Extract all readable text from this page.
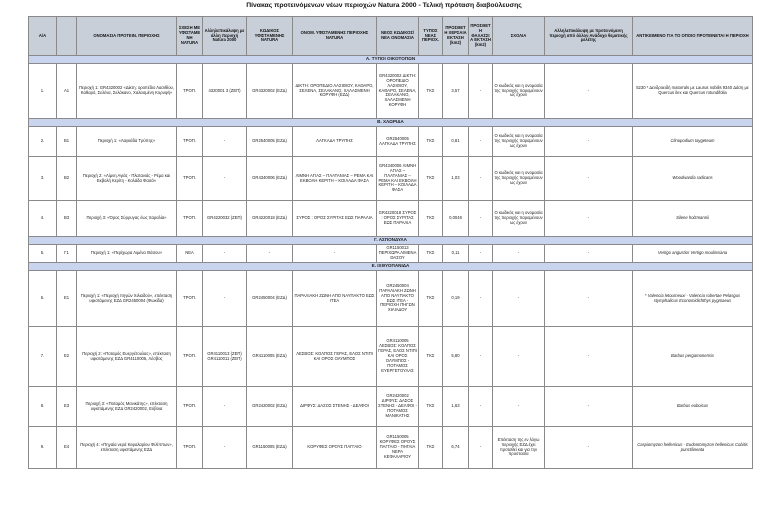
Πίνακας προτεινόμενων νέων περιοχών Natura 2000 - Τελική πρόταση διαβούλευσης
Α/Α		ΟΝΟΜΑΣΙΑ ΠΡΟΤΕΙΝ. ΠΕΡΙΟΧΗΣ	ΣΧΕΣΗ ΜΕ ΥΦΙΣΤΑΜΕΝΗ NATURA	Αλληλεπικάλυψη με άλλη περιοχή Natura 2000	ΚΩΔΙΚΟΣ ΥΦΙΣΤΑΜΕΝΗΣ NATURA	ΟΝΟΜ. ΥΦΙΣΤΑΜΕΝΗΣ ΠΕΡΙΟΧΗΣ NATURA	ΝΕΟΣ ΚΩΔΙΚΟΣ/ ΝΕΑ ΟΝΟΜΑΣΙΑ	ΤΥΠΟΣ ΝΕΑΣ ΠΕΡΙΟΧ.	ΠΡΟΣΘΕΤΗ ΧΕΡΣΑΙΑ ΕΚΤΑΣΗ (km2)	ΠΡΟΣΘΕΤΗ ΘΑΛΑΣΣΙΑ ΕΚΤΑΣΗ (km2)	ΣΧΟΛΙΑ	Αλληλεπικάλυψη με προτεινόμενη περιοχή από άλλον Ανάδοχο θεματικής μελέτης	ΑΝΤΙΚΕΙΜΕΝΟ ΓΙΑ ΤΟ ΟΠΟΙΟ ΠΡΟΤΕΙΝΕΤΑΙ Η ΠΕΡΙΟΧΗ
Α. ΤΥΠΟΙ ΟΙΚΟΤΟΠΩΝ													
1.	Α1	Περιοχή 1: GR4320002 «Δίκτη: οροπέδιο Λασιθίου, Καθαρό, Σελένα, Σελάκανο, Χαλασμένη Κορυφή»	ΤΡΟΠ.	4320001 3 (ΖΕΠ)	GR4320002 (ΕΖΔ)	ΔΙΚΤΗ: ΟΡΟΠΕΔΙΟ ΛΑΣΙΘΙΟΥ, ΚΑΘΑΡΟ, ΣΕΛΕΝΑ, ΣΕΛΑΚΑΝΟ, ΧΑΛΑΣΜΕΝΗ ΚΟΡΥΦΗ (ΕΖΔ)	GR4320002 ΔΙΚΤΗ: ΟΡΟΠΕΔΙΟ ΛΑΣΙΘΙΟΥ, ΚΑΘΑΡΟ, ΣΕΛΕΝΑ, ΣΕΛΑΚΑΝΟ, ΧΑΛΑΣΜΕΝΗ ΚΟΡΥΦΗ	ΤΚΣ	3,57	-	Ο κωδικός και η ονομασία της περιοχής παραμένουν ως έχουν	-	5230 * Δενδροειδή matorrals με Laurus nobilis 9340 Δάση με Quercus ilex και Quercus rotundifolia
Β. ΧΛΩΡΙΔΑ													
2.	Β1	Περιοχή 1: «Λαγκάδα Τρύπης»	ΤΡΟΠ.	-	GR2540005 (ΕΖΔ)	ΛΑΓΚΑΔΑ ΤΡΥΠΗΣ	GR2540005 ΛΑΓΚΑΔΑ ΤΡΥΠΗΣ	ΤΚΣ	0,81	-	Ο κωδικός και η ονομασία της περιοχής παραμένουν ως έχουν	-	Clinopodium taygeteum
3.	Β2	Περιοχή 2: «Λίμνη Αγιάς - Πλατανιάς - Ρέμα και Εκβολή Κερίτη - Κολάδα Φασά»	ΤΡΟΠ.	-	GR4340006 (ΕΖΔ)	ΛΙΜΝΗ ΑΓΙΑΣ – ΠΛΑΤΑΝΙΑΣ – ΡΕΜΑ ΚΑΙ ΕΚΒΟΛΗ ΚΕΡΙΤΗ – ΚΟΙΛΑΔΑ ΦΑΣΑ	GR4340006 ΛΙΜΝΗ ΑΓΙΑΣ – ΠΛΑΤΑΝΙΑΣ – ΡΕΜΑ ΚΑΙ ΕΚΒΟΛΗ ΚΕΡΙΤΗ – ΚΟΙΛΑΔΑ ΦΑΣΑ	ΤΚΣ	1,03	-	Ο κωδικός και η ονομασία της περιοχής παραμένουν ως έχουν	-	Woodwardia radicans
4.	Β3	Περιοχή 3: «Όρος Σύρρυγας έως παραλία»	ΤΡΟΠ.	GR4220032 (ΖΕΠ)	GR4220018 (ΕΖΔ)	ΣΥΡΟΣ : ΟΡΟΣ ΣΥΡΙΤΑΣ ΕΩΣ ΠΑΡΑΛΙΑ	GR4220018 ΣΥΡΟΣ : ΟΡΟΣ ΣΥΡΙΤΑΣ ΕΩΣ ΠΑΡΑΛΙΑ	ΤΚΣ	0,0046	-	Ο κωδικός και η ονομασία της περιοχής παραμένουν ως έχουν	-	Silene holzmannii
Γ. ΑΣΠΟΝΔΥΛΑ													
5.	Γ1	Περιοχή 1: «Περίχωρα Λιμένα Θάσου»	ΝΕΑ	-	-	-	GR1150013 ΠΕΡΙΧΩΡΑ ΛΙΜΕΝΑ ΘΑΣΟΥ	ΤΚΣ	0,11	-	-	-	Vertigo angustior Vertigo moulinsiana
Ε. ΙΧΘΥΟΠΑΝΙΔΑ													
6.	Ε1	Περιοχή 1: «Περιοχή πηγών Χιλιαδού», επέκταση υφιστάμενης ΕΖΔ GR2450004 (Φωκίδα)	ΤΡΟΠ.	-	GR2450004 (ΕΖΔ)	ΠΑΡΑΛΙΑΚΗ ΖΩΝΗ ΑΠΟ ΝΑΥΠΑΚΤΟ ΕΩΣ ΙΤΕΑ	GR2450004 ΠΑΡΑΛΙΑΚΗ ΖΩΝΗ ΑΠΟ ΝΑΥΠΑΚΤΟ ΕΩΣ ΙΤΕΑ - ΠΕΡΙΟΧΗ ΠΗΓΩΝ ΧΙΛΙΑΔΟΥ	ΤΚΣ	0,19	-	-	-	* Valencia letourneuxi - Valencia robertae Pelasgus stymphalicus Economidichthys pygmaeus
7.	Ε2	Περιοχή 2: «Ποταμός Ευεργέτουλας», επέκταση υφιστάμενης ΕΖΔ GR4110005, Λέσβος	ΤΡΟΠ.	GR4110013 (ΖΕΠ) GR4110011 (ΖΕΠ)	GR4110005 (ΕΖΔ)	ΛΕΣΒΟΣ: ΚΟΛΠΟΣ ΓΕΡΑΣ, ΕΛΟΣ ΝΤΙΠΙ ΚΑΙ ΟΡΟΣ ΟΛΥΜΠΟΣ	GR4110005 ΛΕΣΒΟΣ: ΚΟΛΠΟΣ ΓΕΡΑΣ, ΕΛΟΣ ΝΤΙΠΙ ΚΑΙ ΟΡΟΣ ΟΛΥΜΠΟΣ - ΠΟΤΑΜΟΣ ΕΥΕΡΓΕΤΟΥΛΑΣ	ΤΚΣ	5,80	-	-	-	Barbus pergamonensis
8.	Ε3	Περιοχή 3: «Ποταμός Μανικάτης», επέκταση υφιστάμενης ΕΖΔ GR2420002, Εύβοια	ΤΡΟΠ.	-	GR2420002 (ΕΖΔ)	ΔΙΡΦΥΣ: ΔΑΣΟΣ ΣΤΕΝΗΣ - ΔΕΛΦΟΙ	GR2420002 ΔΙΡΦΥΣ: ΔΑΣΟΣ ΣΤΕΝΗΣ - ΔΕΛΦΟΙ - ΠΟΤΑΜΟΣ ΜΑΝΙΚΑΤΗΣ	ΤΚΣ	1,63	-	-	-	Barbus euboicus
9.	Ε4	Περιοχή 4: «Πηγαία νερά Κεφαλαρίου Φιλίππων», επέκταση υφιστάμενης ΕΖΔ	ΤΡΟΠ.	-	GR1150005 (ΕΖΔ)	ΚΟΡΥΦΕΣ ΟΡΟΥΣ ΠΑΓΓΑΙΟ	GR1150005 ΚΟΡΥΦΕΣ ΟΡΟΥΣ ΠΑΓΓΑΙΟ - ΠΗΓΑΙΑ ΝΕΡΑ ΚΕΦΑΛΑΡΙΟΥ	ΤΚΣ	6,74	-	Επέκταση της εν λόγω περιοχής ΕΖΔ έχει προταθεί και για την προστασία	-	Caspiomyzon hellenicus - Eudontomyzon hellenicus Cobitis punctilineata
